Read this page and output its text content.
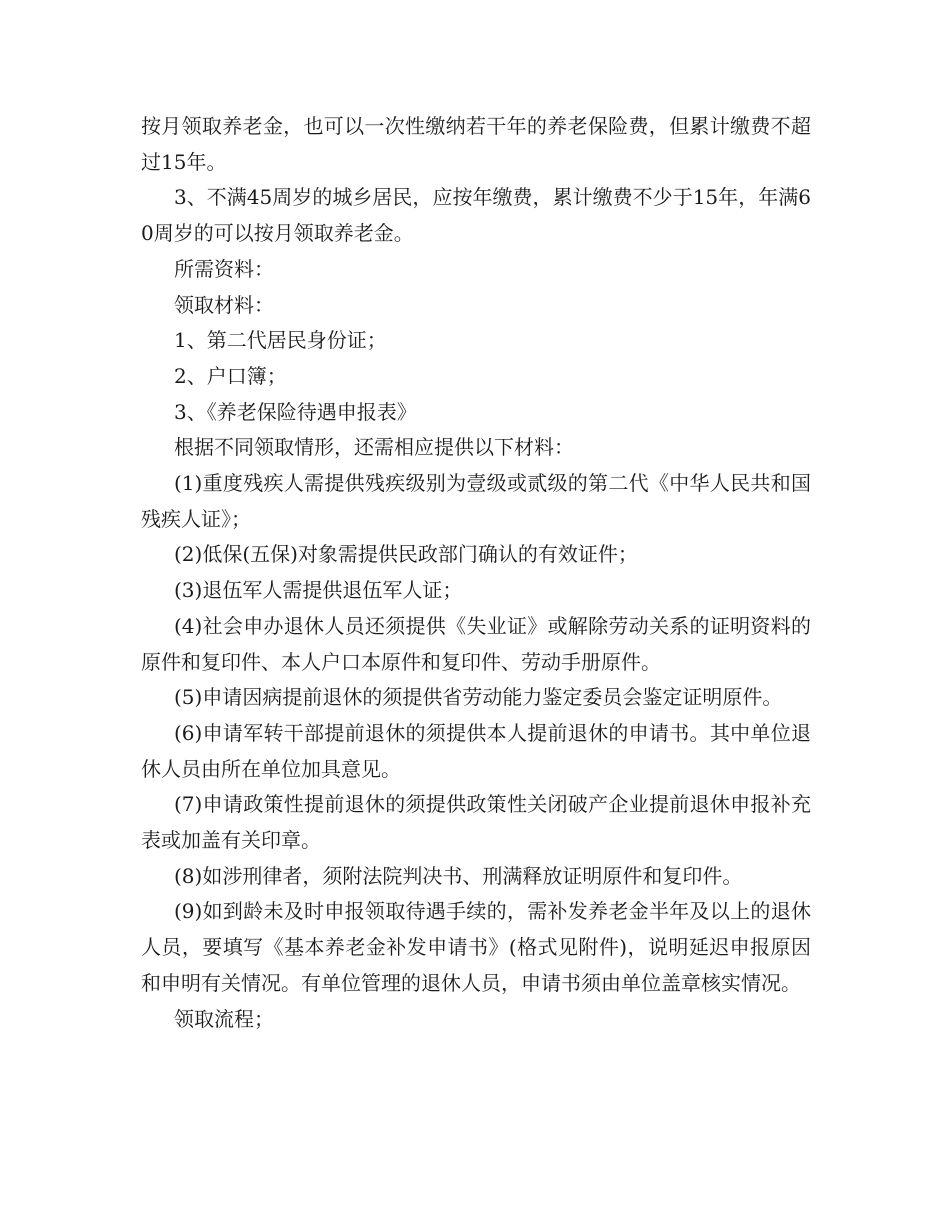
按月领取养老金，也可以一次性缴纳若干年的养老保险费，但累计缴费不超过15年。

3、不满45周岁的城乡居民，应按年缴费，累计缴费不少于15年，年满60周岁的可以按月领取养老金。

所需资料：

领取材料：

1、第二代居民身份证；

2、户口簿；

3、《养老保险待遇申报表》

根据不同领取情形，还需相应提供以下材料：

(1)重度残疾人需提供残疾级别为壹级或贰级的第二代《中华人民共和国残疾人证》；

(2)低保(五保)对象需提供民政部门确认的有效证件；

(3)退伍军人需提供退伍军人证；

(4)社会申办退休人员还须提供《失业证》或解除劳动关系的证明资料的原件和复印件、本人户口本原件和复印件、劳动手册原件。

(5)申请因病提前退休的须提供省劳动能力鉴定委员会鉴定证明原件。

(6)申请军转干部提前退休的须提供本人提前退休的申请书。其中单位退休人员由所在单位加具意见。

(7)申请政策性提前退休的须提供政策性关闭破产企业提前退休申报补充表或加盖有关印章。

(8)如涉刑律者，须附法院判决书、刑满释放证明原件和复印件。

(9)如到龄未及时申报领取待遇手续的，需补发养老金半年及以上的退休人员，要填写《基本养老金补发申请书》(格式见附件)，说明延迟申报原因和申明有关情况。有单位管理的退休人员，申请书须由单位盖章核实情况。

领取流程；
